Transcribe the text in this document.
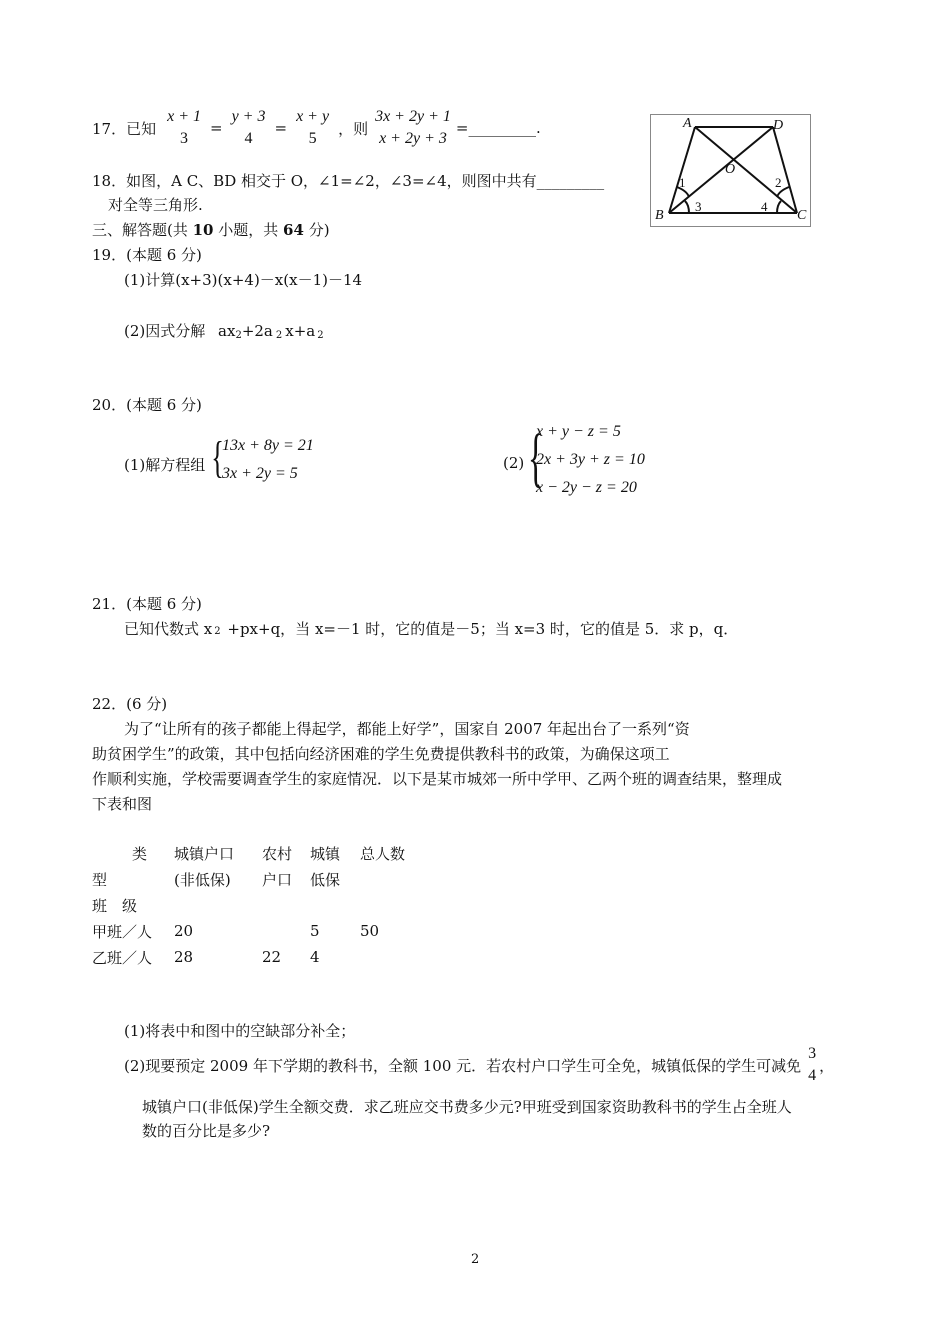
17．已知
x + 1
3
=
y + 3
4
=
x + y
5
，则
3x + 2y + 1
x + 2y + 3
=_________.
18．如图，A C、BD 相交于 O，∠1=∠2，∠3=∠4，则图中共有_________
对全等三角形.
A	D
O
B	C
1	2
3	4
三、解答题(共 10 小题，共 64 分)
19．(本题 6 分)
(1)计算(x+3)(x+4)－x(x－1)－14
(2)因式分解 ax2+2a 2 x+a 2
20．(本题 6 分)
(1)解方程组 {
13x + 8y = 21
3x + 2y = 5
(2) {
x + y − z = 5
2x + 3y + z = 10
x − 2y − z = 20
21．(本题 6 分)
已知代数式 x 2 +px+q，当 x=－1 时，它的值是－5；当 x=3 时，它的值是 5．求 p，q．
22．(6 分)
为了“让所有的孩子都能上得起学，都能上好学”，国家自 2007 年起出台了一系列“资
助贫困学生”的政策，其中包括向经济困难的学生免费提供教科书的政策，为确保这项工
作顺利实施，学校需要调查学生的家庭情况．以下是某市城郊一所中学甲、乙两个班的调查结果，整理成
下表和图
类	城镇户口	农村	城镇	总人数
型	(非低保)	户口	低保	
班　级				
甲班／人	20		5	50
乙班／人	28	22	4	
(1)将表中和图中的空缺部分补全；
(2)现要预定 2009 年下学期的教科书，全额 100 元．若农村户口学生可全免，城镇低保的学生可减免
3
4
，
城镇户口(非低保)学生全额交费．求乙班应交书费多少元?甲班受到国家资助教科书的学生占全班人
数的百分比是多少?
2
